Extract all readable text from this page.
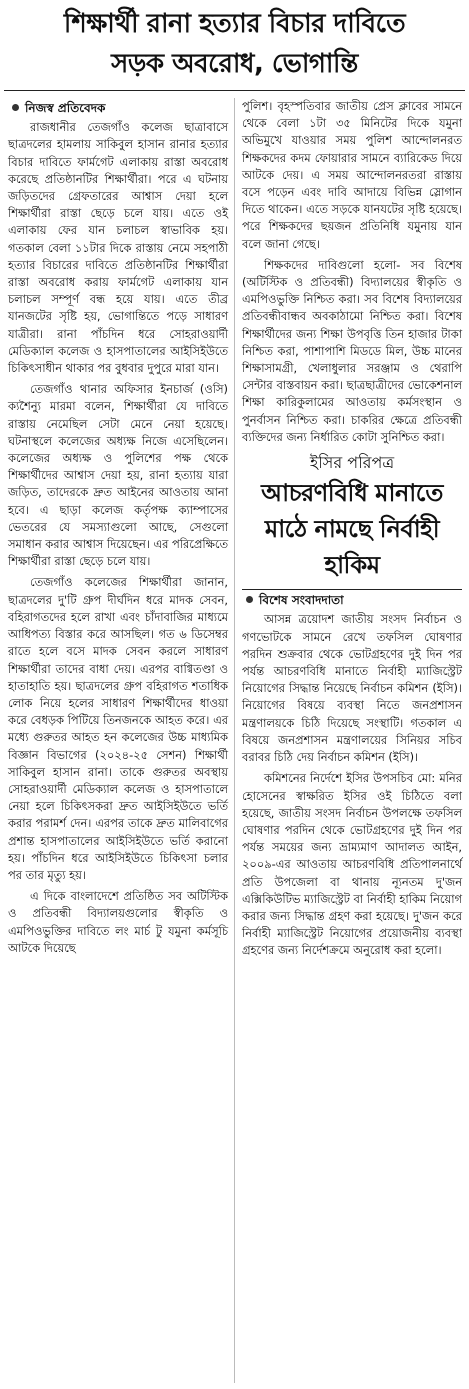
শিক্ষার্থী রানা হত্যার বিচার দাবিতে
সড়ক অবরোধ, ভোগান্তি
নিজস্ব প্রতিবেদক

রাজধানীর তেজগাঁও কলেজ ছাত্রাবাসে ছাত্রদলের হামলায় সাকিবুল হাসান রানার হত্যার বিচার দাবিতে ফার্মগেট এলাকায় রাস্তা অবরোধ করেছে প্রতিষ্ঠানটির শিক্ষার্থীরা। পরে এ ঘটনায় জড়িতদের গ্রেফতারের আশ্বাস দেয়া হলে শিক্ষার্থীরা রাস্তা ছেড়ে চলে যায়। এতে ওই এলাকায় ফের যান চলাচল স্বাভাবিক হয়। গতকাল বেলা ১১টার দিকে রাস্তায় নেমে সহপাঠী হত্যার বিচারের দাবিতে প্রতিষ্ঠানটির শিক্ষার্থীরা রাস্তা অবরোধ করায় ফার্মগেট এলাকায় যান চলাচল সম্পূর্ণ বন্ধ হয়ে যায়। এতে তীব্র যানজটের সৃষ্টি হয়, ভোগান্তিতে পড়ে সাধারণ যাত্রীরা। রানা পাঁচদিন ধরে সোহরাওয়ার্দী মেডিক্যাল কলেজ ও হাসপাতালের আইসিইউতে চিকিৎসাধীন থাকার পর বুধবার দুপুরে মারা যান।

তেজগাঁও থানার অফিসার ইনচার্জ (ওসি) ক্যশৈন্যু মারমা বলেন, শিক্ষার্থীরা যে দাবিতে রাস্তায় নেমেছিল সেটা মেনে নেয়া হয়েছে। ঘটনাস্থলে কলেজের অধ্যক্ষ নিজে এসেছিলেন। কলেজের অধ্যক্ষ ও পুলিশের পক্ষ থেকে শিক্ষার্থীদের আশ্বাস দেয়া হয়, রানা হত্যায় যারা জড়িত, তাদেরকে দ্রুত আইনের আওতায় আনা হবে। এ ছাড়া কলেজ কর্তৃপক্ষ ক্যাম্পাসের ভেতরের যে সমস্যাগুলো আছে, সেগুলো সমাধান করার আশ্বাস দিয়েছেন। এর পরিপ্রেক্ষিতে শিক্ষার্থীরা রাস্তা ছেড়ে চলে যায়।

তেজগাঁও কলেজের শিক্ষার্থীরা জানান, ছাত্রদলের দু'টি গ্রুপ দীর্ঘদিন ধরে মাদক সেবন, বহিরাগতদের হলে রাখা এবং চাঁদাবাজির মাধ্যমে আধিপত্য বিস্তার করে আসছিল। গত ৬ ডিসেম্বর রাতে হলে বসে মাদক সেবন করলে সাধারণ শিক্ষার্থীরা তাদের বাধা দেয়। এরপর বাগ্বিতণ্ডা ও হাতাহাতি হয়। ছাত্রদলের গ্রুপ বহিরাগত শতাধিক লোক নিয়ে হলের সাধারণ শিক্ষার্থীদের ধাওয়া করে বেধড়ক পিটিয়ে তিনজনকে আহত করে। এর মধ্যে গুরুতর আহত হন কলেজের উচ্চ মাধ্যমিক বিজ্ঞান বিভাগের (২০২৪-২৫ সেশন) শিক্ষার্থী সাকিবুল হাসান রানা। তাকে গুরুতর অবস্থায় সোহরাওয়ার্দী মেডিক্যাল কলেজ ও হাসপাতালে নেয়া হলে চিকিৎসকরা দ্রুত আইসিইউতে ভর্তি করার পরামর্শ দেন। এরপর তাকে দ্রুত মালিবাগের প্রশান্ত হাসপাতালের আইসিইউতে ভর্তি করানো হয়। পাঁচদিন ধরে আইসিইউতে চিকিৎসা চলার পর তার মৃত্যু হয়।

এ দিকে বাংলাদেশে প্রতিষ্ঠিত সব অটিস্টিক ও প্রতিবন্ধী বিদ্যালয়গুলোর স্বীকৃতি ও এমপিওভুক্তির দাবিতে লং মার্চ টু যমুনা কর্মসূচি আটকে দিয়েছে

পুলিশ। বৃহস্পতিবার জাতীয় প্রেস ক্লাবের সামনে থেকে বেলা ১টা ৩৫ মিনিটের দিকে যমুনা অভিমুখে যাওয়ার সময় পুলিশ আন্দোলনরত শিক্ষকদের কদম ফোয়ারার সামনে ব্যারিকেড দিয়ে আটকে দেয়। এ সময় আন্দোলনরতরা রাস্তায় বসে পড়েন এবং দাবি আদায়ে বিভিন্ন স্লোগান দিতে থাকেন। এতে সড়কে যানযটের সৃষ্টি হয়েছে। পরে শিক্ষকদের ছয়জন প্রতিনিধি যমুনায় যান বলে জানা গেছে।

শিক্ষকদের দাবিগুলো হলো- সব বিশেষ (অটিস্টিক ও প্রতিবন্ধী) বিদ্যালয়ের স্বীকৃতি ও এমপিওভুক্তি নিশ্চিত করা। সব বিশেষ বিদ্যালয়ের প্রতিবন্ধীবান্ধব অবকাঠামো নিশ্চিত করা। বিশেষ শিক্ষার্থীদের জন্য শিক্ষা উপবৃত্তি তিন হাজার টাকা নিশ্চিত করা, পাশাপাশি মিডডে মিল, উচ্চ মানের শিক্ষাসামগ্রী, খেলাধুলার সরঞ্জাম ও থেরাপি সেন্টার বাস্তবায়ন করা। ছাত্রছাত্রীদের ভোকেশনাল শিক্ষা কারিকুলামের আওতায় কর্মসংস্থান ও পুনর্বাসন নিশ্চিত করা। চাকরির ক্ষেত্রে প্রতিবন্ধী ব্যক্তিদের জন্য নির্ধারিত কোটা সুনিশ্চিত করা।

ইসির পরিপত্র
আচরণবিধি মানাতে
মাঠে নামছে নির্বাহী
হাকিম
বিশেষ সংবাদদাতা

আসন্ন ত্রয়োদশ জাতীয় সংসদ নির্বাচন ও গণভোটকে সামনে রেখে তফসিল ঘোষণার পরদিন শুক্রবার থেকে ভোটগ্রহণের দুই দিন পর পর্যন্ত আচরণবিধি মানাতে নির্বাহী ম্যাজিস্ট্রেট নিয়োগের সিদ্ধান্ত নিয়েছে নির্বাচন কমিশন (ইসি)। নিয়োগের বিষয়ে ব্যবস্থা নিতে জনপ্রশাসন মন্ত্রণালয়কে চিঠি দিয়েছে সংস্থাটি। গতকাল এ বিষয়ে জনপ্রশাসন মন্ত্রণালয়ের সিনিয়র সচিব বরাবর চিঠি দেয় নির্বাচন কমিশন (ইসি)।

কমিশনের নির্দেশে ইসির উপসচিব মো: মনির হোসেনের স্বাক্ষরিত ইসির ওই চিঠিতে বলা হয়েছে, জাতীয় সংসদ নির্বাচন উপলক্ষে তফসিল ঘোষণার পরদিন থেকে ভোটগ্রহণের দুই দিন পর পর্যন্ত সময়ের জন্য ভ্রাম্যমাণ আদালত আইন, ২০০৯-এর আওতায় আচরণবিধি প্রতিপালনার্থে প্রতি উপজেলা বা থানায় ন্যূনতম দু'জন এক্সিকিউটিভ ম্যাজিস্ট্রেট বা নির্বাহী হাকিম নিয়োগ করার জন্য সিদ্ধান্ত গ্রহণ করা হয়েছে। দু'জন করে নির্বাহী ম্যাজিস্ট্রেট নিয়োগের প্রয়োজনীয় ব্যবস্থা গ্রহণের জন্য নির্দেশক্রমে অনুরোধ করা হলো।
